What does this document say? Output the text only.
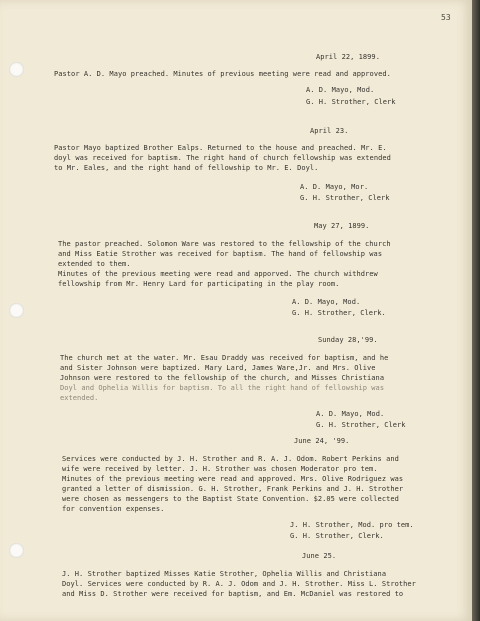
53

April 22, 1899.

Pastor A. D. Mayo preached. Minutes of previous meeting were read and approved.

A. D. Mayo, Mod.

G. H. Strother, Clerk

April 23.

Pastor Mayo baptized Brother Ealps. Returned to the house and preached. Mr. E.

doyl was received for baptism. The right hand of church fellowship was extended

to Mr. Eales, and the right hand of fellowship to Mr. E. Doyl.

A. D. Mayo, Mor.

G. H. Strother, Clerk

May 27, 1899.

The pastor preached. Solomon Ware was restored to the fellowship of the church

and Miss Eatie Strother was received for baptism. The hand of fellowship was

extended to them.

Minutes of the previous meeting were read and apporved. The church withdrew

fellowship from Mr. Henry Lard for participating in the play room.

A. D. Mayo, Mod.

G. H. Strother, Clerk.

Sunday 28,'99.

The church met at the water. Mr. Esau Draddy was received for baptism, and he

and Sister Johnson were baptized. Mary Lard, James Ware,Jr. and Mrs. Olive

Johnson were restored to the fellowship of the church, and Misses Christiana

Doyl and Ophelia Willis for baptism. To all the right hand of fellowship was

extended.

A. D. Mayo, Mod.

G. H. Strother, Clerk

June 24, '99.

Services were conducted by J. H. Strother and R. A. J. Odom. Robert Perkins and

wife were received by letter. J. H. Strother was chosen Moderator pro tem.

Minutes of the previous meeting were read and approved. Mrs. Olive Rodriguez was

granted a letter of dismission. G. H. Strother, Frank Perkins and J. H. Strother

were chosen as messengers to the Baptist State Convention. $2.05 were collected

for convention expenses.

J. H. Strother, Mod. pro tem.

G. H. Strother, Clerk.

June 25.

J. H. Strother baptized Misses Katie Strother, Ophelia Willis and Christiana

Doyl. Services were conducted by R. A. J. Odom and J. H. Strother. Miss L. Strother

and Miss D. Strother were received for baptism, and Em. McDaniel was restored to
